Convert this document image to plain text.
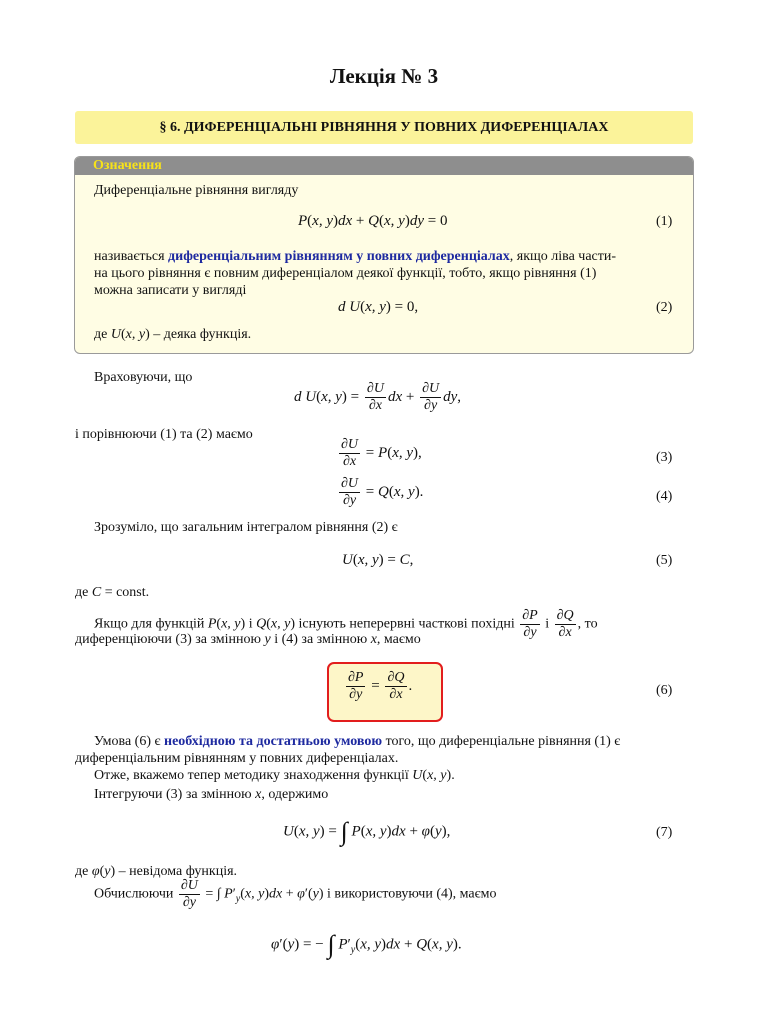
Лекція № 3
§ 6. ДИФЕРЕНЦІАЛЬНІ РІВНЯННЯ У ПОВНИХ ДИФЕРЕНЦІАЛАХ
Означення
Диференціальне рівняння вигляду
P(x, y)dx + Q(x, y)dy = 0	(1)
називається диференціальним рівнянням у повних диференціалах, якщо ліва части-
на цього рівняння є повним диференціалом деякої функції, тобто, якщо рівняння (1)
можна записати у вигляді
d U(x, y) = 0,	(2)
де U(x, y) – деяка функція.
Враховуючи, що
d U(x, $y) = \frac{\partial U}{\partial x}$ dx + $\frac{\partial U}{\partial y}$ dy,
і порівнюючи (1) та (2) маємо
$\frac{\partial U}{\partial x} = P(x$, y),	(3)
$\frac{\partial U}{\partial y} = Q(x$, y).	(4)
Зрозуміло, що загальним інтегралом рівняння (2) є
U(x, y) = C,	(5)
де C = const.
Якщо для функцій P(x, y) і Q(x, y) існують неперервні часткові похідні $\frac{\partial P}{\partial y}$ і $\frac{\partial Q}{\partial x}$ , то
диференціюючи (3) за змінною y і (4) за змінною x, маємо
$\frac{\partial P}{\partial y} = \frac{\partial Q}{\partial x}$ .	(6)
Умова (6) є необхідною та достатньою умовою того, що диференціальне рівняння (1) є
диференціальним рівнянням у повних диференціалах.
Отже, вкажемо тепер методику знаходження функції U(x, y).
Інтегруючи (3) за змінною x, одержимо
U(x, y) = ∫ P(x, y)dx + φ(y),	(7)
де φ(y) – невідома функція.
Обчислюючи $\frac{\partial U}{\partial y}$ = ∫ $P'_y(x$, y)dx + φ′(y) і використовуючи (4), маємо
φ′(y) = − ∫ $P'_y(x$, y)dx + Q(x, y).
